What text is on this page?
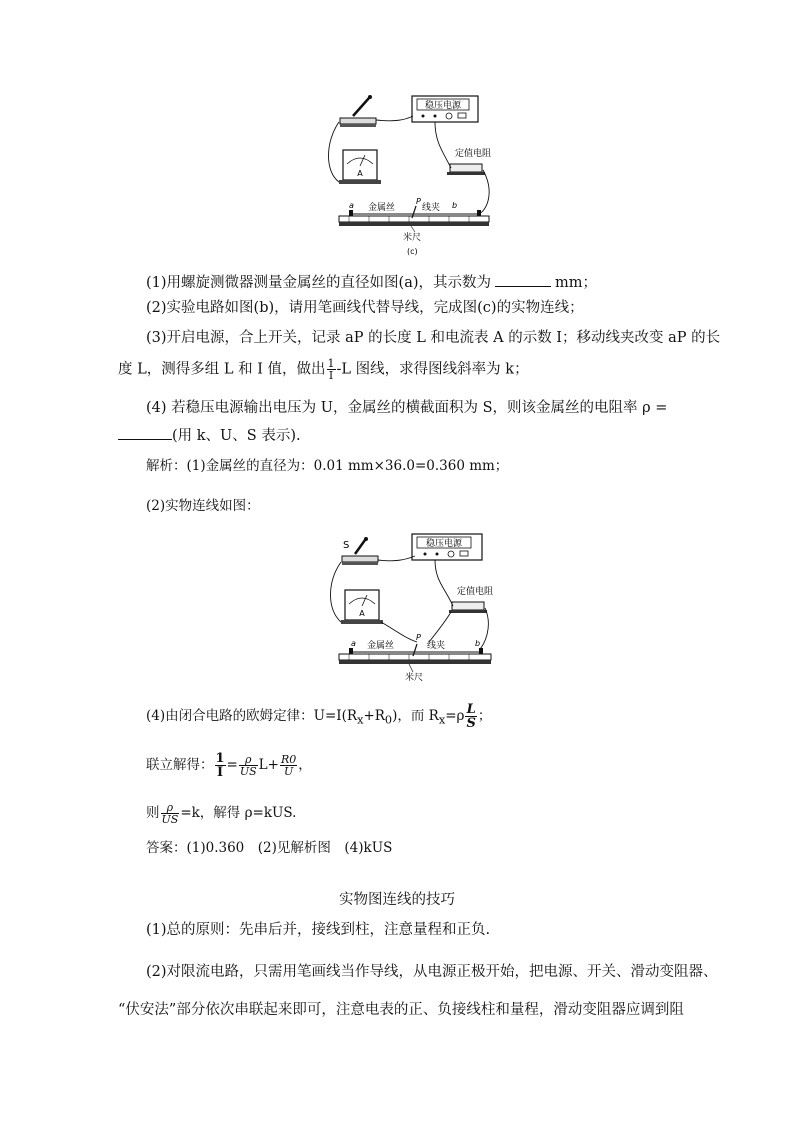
稳压电源
定值电阻
A
a	b
金属丝
P
线夹
米尺
(c)
(1)用螺旋测微器测量金属丝的直径如图(a)，其示数为	mm；
(2)实验电路如图(b)，请用笔画线代替导线，完成图(c)的实物连线；
(3)开启电源，合上开关，记录 aP 的长度 L 和电流表 A 的示数 I；移动线夹改变 aP 的长
度 L，测得多组 L 和 I 值，做出 $\frac{1}{I} -L$ 图线，求得图线斜率为 k；
(4) 若稳压电源输出电压为 U，金属丝的横截面积为 S，则该金属丝的电阻率 ρ =
(用 k、U、S 表示).
解析：(1)金属丝的直径为：0.01 mm×36.0=0.360 mm；
(2)实物连线如图：
S	稳压电源
定值电阻
A
a	b
金属丝
P
线夹
米尺
(4)由闭合电路的欧姆定律：$U=I(R_x+R_0)$，而 $R_x=\rho \frac{L}{S}$ ；
联立解得： $\frac{1}{I} = \frac{\rho}{US} L+ \frac{R0}{U}$ ，
则 $\frac{\rho}{US} =k$，解得 ρ=kUS.
答案：(1)0.360　(2)见解析图　(4)kUS
实物图连线的技巧
(1)总的原则：先串后并，接线到柱，注意量程和正负.
(2)对限流电路，只需用笔画线当作导线，从电源正极开始，把电源、开关、滑动变阻器、
“伏安法”部分依次串联起来即可，注意电表的正、负接线柱和量程，滑动变阻器应调到阻
